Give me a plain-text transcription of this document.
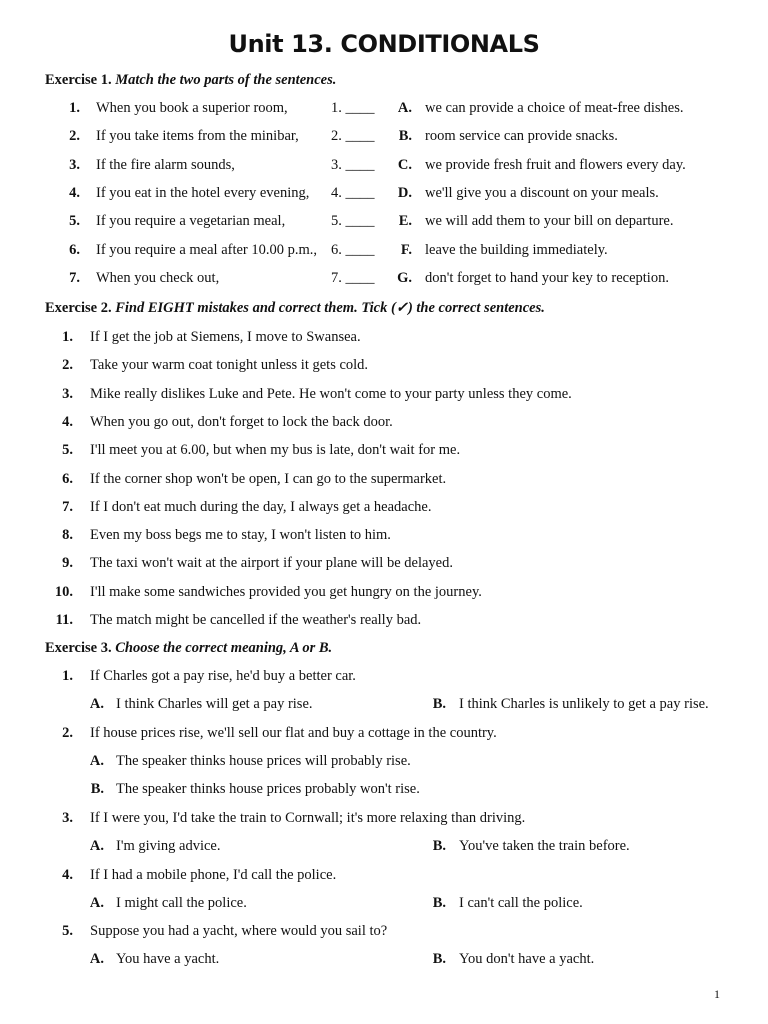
Unit 13. CONDITIONALS
Exercise 1. Match the two parts of the sentences.
1. When you book a superior room,	1. ____	A. we can provide a choice of meat-free dishes.
2. If you take items from the minibar, 2. ____	B. room service can provide snacks.
3. If the fire alarm sounds,	3. ____	C. we provide fresh fruit and flowers every day.
4. If you eat in the hotel every evening, 4. ____	D. we'll give you a discount on your meals.
5. If you require a vegetarian meal,	5. ____	E. we will add them to your bill on departure.
6. If you require a meal after 10.00 p.m., 6. ____	F. leave the building immediately.
7. When you check out,	7. ____	G. don't forget to hand your key to reception.
Exercise 2. Find EIGHT mistakes and correct them. Tick (✓) the correct sentences.
1. If I get the job at Siemens, I move to Swansea.
2. Take your warm coat tonight unless it gets cold.
3. Mike really dislikes Luke and Pete. He won't come to your party unless they come.
4. When you go out, don't forget to lock the back door.
5. I'll meet you at 6.00, but when my bus is late, don't wait for me.
6. If the corner shop won't be open, I can go to the supermarket.
7. If I don't eat much during the day, I always get a headache.
8. Even my boss begs me to stay, I won't listen to him.
9. The taxi won't wait at the airport if your plane will be delayed.
10. I'll make some sandwiches provided you get hungry on the journey.
11. The match might be cancelled if the weather's really bad.
Exercise 3. Choose the correct meaning, A or B.
1. If Charles got a pay rise, he'd buy a better car.
A. I think Charles will get a pay rise.	B. I think Charles is unlikely to get a pay rise.
2. If house prices rise, we'll sell our flat and buy a cottage in the country.
A. The speaker thinks house prices will probably rise.
B. The speaker thinks house prices probably won't rise.
3. If I were you, I'd take the train to Cornwall; it's more relaxing than driving.
A. I'm giving advice.	B. You've taken the train before.
4. If I had a mobile phone, I'd call the police.
A. I might call the police.	B. I can't call the police.
5. Suppose you had a yacht, where would you sail to?
A. You have a yacht.	B. You don't have a yacht.
1
